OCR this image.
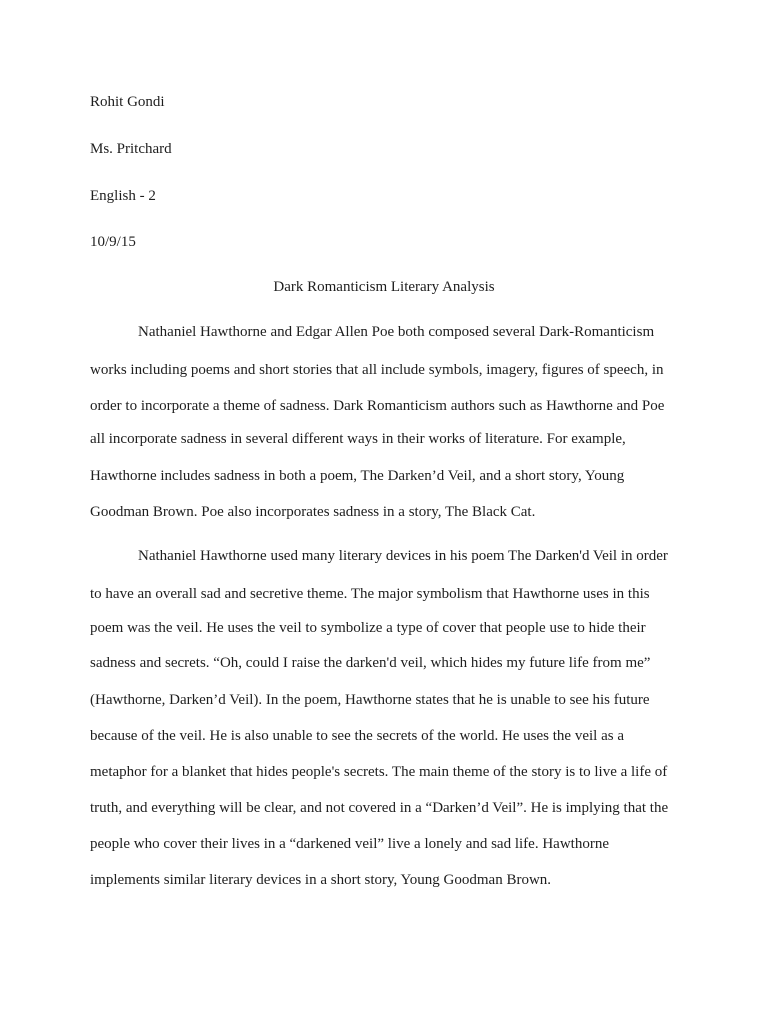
Rohit Gondi
Ms. Pritchard
English - 2
10/9/15
Dark Romanticism Literary Analysis
Nathaniel Hawthorne and Edgar Allen Poe both composed several Dark-Romanticism
works including poems and short stories that all include symbols, imagery, figures of speech, in
order to incorporate a theme of sadness. Dark Romanticism authors such as Hawthorne and Poe
all incorporate sadness in several different ways in their works of literature. For example,
Hawthorne includes sadness in both a poem, The Darken’d Veil, and a short story, Young
Goodman Brown. Poe also incorporates sadness in a story, The Black Cat.
Nathaniel Hawthorne used many literary devices in his poem The Darken'd Veil in order
to have an overall sad and secretive theme. The major symbolism that Hawthorne uses in this
poem was the veil. He uses the veil to symbolize a type of cover that people use to hide their
sadness and secrets. “Oh, could I raise the darken'd veil, which hides my future life from me”
(Hawthorne, Darken’d Veil). In the poem, Hawthorne states that he is unable to see his future
because of the veil. He is also unable to see the secrets of the world. He uses the veil as a
metaphor for a blanket that hides people's secrets. The main theme of the story is to live a life of
truth, and everything will be clear, and not covered in a “Darken’d Veil”. He is implying that the
people who cover their lives in a “darkened veil” live a lonely and sad life. Hawthorne
implements similar literary devices in a short story, Young Goodman Brown.
